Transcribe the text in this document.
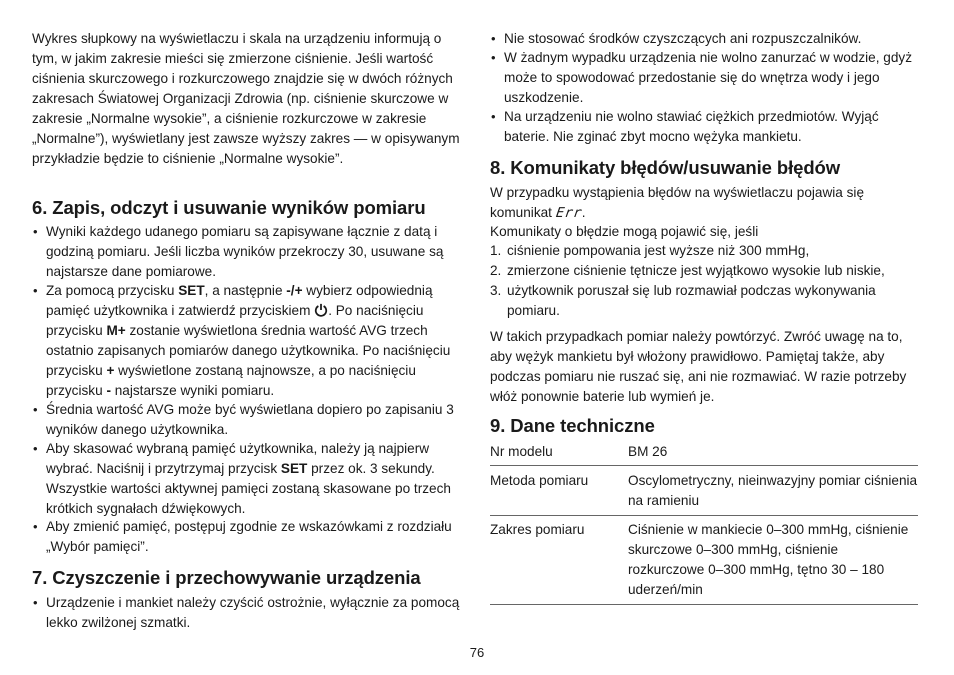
Wykres słupkowy na wyświetlaczu i skala na urządzeniu informują o tym, w jakim zakresie mieści się zmierzone ciśnienie. Jeśli wartość ciśnienia skurczowego i rozkurczowego znajdzie się w dwóch różnych zakresach Światowej Organizacji Zdrowia (np. ciśnienie skurczowe w zakresie „Normalne wysokie”, a ciśnienie rozkurczowe w zakresie „Normalne”), wyświetlany jest zawsze wyższy zakres — w opisywanym przykładzie będzie to ciśnienie „Normalne wysokie”.

6. Zapis, odczyt i usuwanie wyników pomiaru
• Wyniki każdego udanego pomiaru są zapisywane łącznie z datą i godziną pomiaru. Jeśli liczba wyników przekroczy 30, usuwane są najstarsze dane pomiarowe.

• Za pomocą przycisku SET, a następnie -/+ wybierz odpowiednią pamięć użytkownika i zatwierdź przyciskiem . Po naciśnięciu przycisku M+ zostanie wyświetlona średnia wartość AVG trzech ostatnio zapisanych pomiarów danego użytkownika. Po naciśnięciu przycisku + wyświetlone zostaną najnowsze, a po naciśnięciu przycisku - najstarsze wyniki pomiaru.

• Średnia wartość AVG może być wyświetlana dopiero po zapisaniu 3 wyników danego użytkownika.

• Aby skasować wybraną pamięć użytkownika, należy ją najpierw wybrać. Naciśnij i przytrzymaj przycisk SET przez ok. 3 sekundy. Wszystkie wartości aktywnej pamięci zostaną skasowane po trzech krótkich sygnałach dźwiękowych.

• Aby zmienić pamięć, postępuj zgodnie ze wskazówkami z rozdziału „Wybór pamięci”.

7. Czyszczenie i przechowywanie urządzenia
• Urządzenie i mankiet należy czyścić ostrożnie, wyłącznie za pomocą lekko zwilżonej szmatki.

• Nie stosować środków czyszczących ani rozpuszczalników.

• W żadnym wypadku urządzenia nie wolno zanurzać w wodzie, gdyż może to spowodować przedostanie się do wnętrza wody i jego uszkodzenie.

• Na urządzeniu nie wolno stawiać ciężkich przedmiotów. Wyjąć baterie. Nie zginać zbyt mocno wężyka mankietu.

8. Komunikaty błędów/usuwanie błędów

W przypadku wystąpienia błędów na wyświetlaczu pojawia się komunikat Err.

Komunikaty o błędzie mogą pojawić się, jeśli

1. ciśnienie pompowania jest wyższe niż 300 mmHg,

2. zmierzone ciśnienie tętnicze jest wyjątkowo wysokie lub niskie,

3. użytkownik poruszał się lub rozmawiał podczas wykonywania pomiaru.

W takich przypadkach pomiar należy powtórzyć. Zwróć uwagę na to, aby wężyk mankietu był włożony prawidłowo. Pamiętaj także, aby podczas pomiaru nie ruszać się, ani nie rozmawiać. W razie potrzeby włóż ponownie baterie lub wymień je.

9. Dane techniczne
Nr modelu	BM 26
Metoda pomiaru	Oscylometryczny, nieinwazyjny pomiar ciśnienia na ramieniu
Zakres pomiaru	Ciśnienie w mankiecie 0–300 mmHg, ciśnienie skurczowe 0–300 mmHg, ciśnienie rozkurczowe 0–300 mmHg, tętno 30 – 180 uderzeń/min
76
